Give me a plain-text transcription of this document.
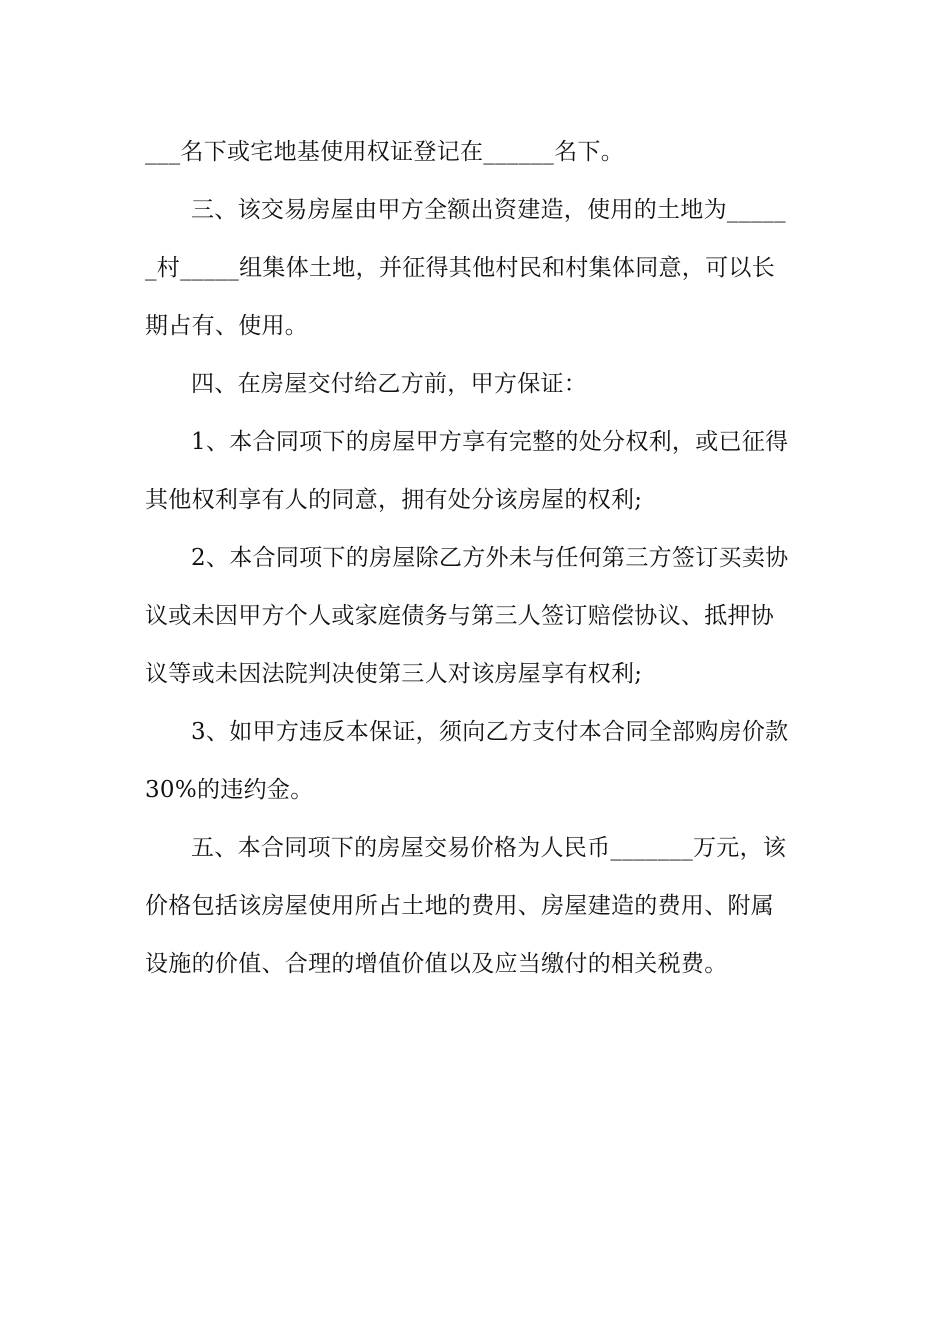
___名下或宅地基使用权证登记在______名下。
三、该交易房屋由甲方全额出资建造，使用的土地为_____
_村_____组集体土地，并征得其他村民和村集体同意，可以长
期占有、使用。
四、在房屋交付给乙方前，甲方保证：
1、本合同项下的房屋甲方享有完整的处分权利，或已征得
其他权利享有人的同意，拥有处分该房屋的权利;
2、本合同项下的房屋除乙方外未与任何第三方签订买卖协
议或未因甲方个人或家庭债务与第三人签订赔偿协议、抵押协
议等或未因法院判决使第三人对该房屋享有权利;
3、如甲方违反本保证，须向乙方支付本合同全部购房价款
30%的违约金。
五、本合同项下的房屋交易价格为人民币_______万元，该
价格包括该房屋使用所占土地的费用、房屋建造的费用、附属
设施的价值、合理的增值价值以及应当缴付的相关税费。
